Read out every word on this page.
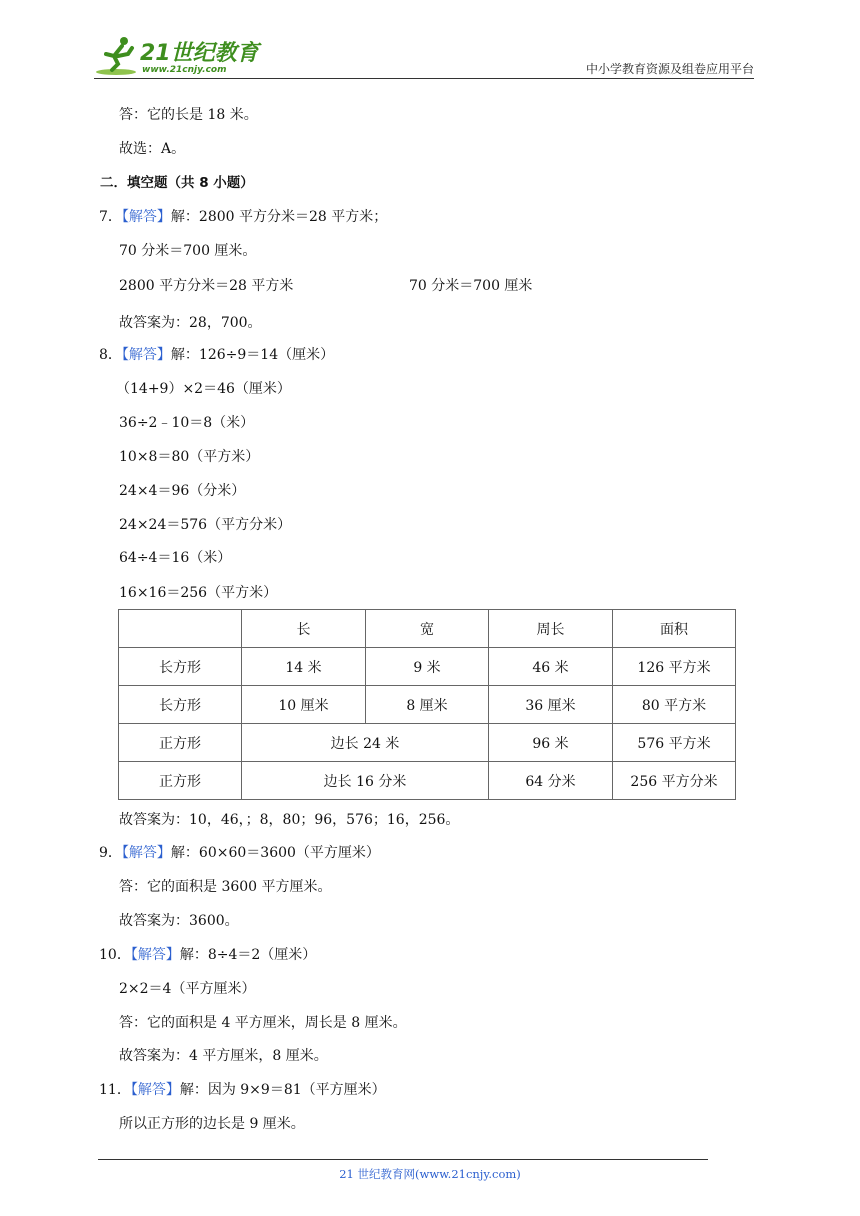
21世纪教育
www.21cnjy.com	中小学教育资源及组卷应用平台
答：它的长是 18 米。
故选：A。
二．填空题（共 8 小题）
7．【解答】解：2800 平方分米＝28 平方米；
70 分米＝700 厘米。
2800 平方分米＝28 平方米	70 分米＝700 厘米
故答案为：28，700。
8．【解答】解：126÷9＝14（厘米）
（14+9）×2＝46（厘米）
36÷2﹣10＝8（米）
10×8＝80（平方米）
24×4＝96（分米）
24×24＝576（平方分米）
64÷4＝16（米）
16×16＝256（平方米）
	长	宽	周长	面积
长方形	14 米	9 米	46 米	126 平方米
长方形	10 厘米	8 厘米	36 厘米	80 平方米
正方形	边长 24 米		96 米	576 平方米
正方形	边长 16 分米		64 分米	256 平方分米
故答案为：10，46，；8，80；96，576；16，256。
9．【解答】解：60×60＝3600（平方厘米）
答：它的面积是 3600 平方厘米。
故答案为：3600。
10．【解答】解：8÷4＝2（厘米）
2×2＝4（平方厘米）
答：它的面积是 4 平方厘米，周长是 8 厘米。
故答案为：4 平方厘米，8 厘米。
11．【解答】解：因为 9×9＝81（平方厘米）
所以正方形的边长是 9 厘米。
21 世纪教育网(www.21cnjy.com)
